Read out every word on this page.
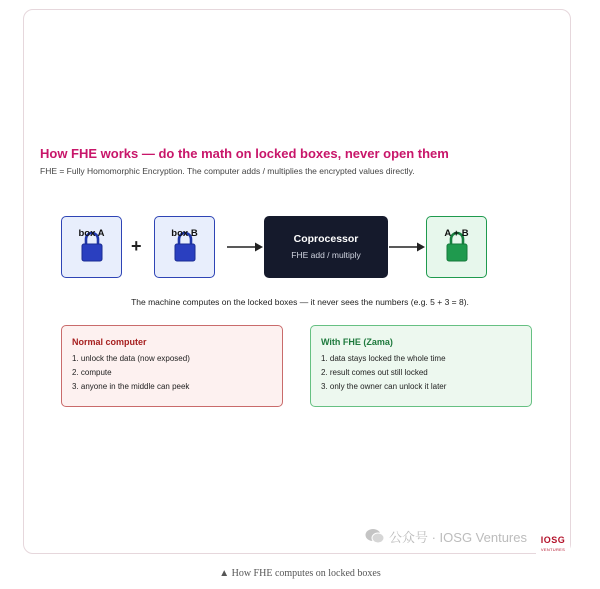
How FHE works — do the math on locked boxes, never open them
FHE = Fully Homomorphic Encryption. The computer adds / multiplies the encrypted values directly.
box A
+
box B	Coprocessor
FHE add / multiply
A + B
The machine computes on the locked boxes — it never sees the numbers (e.g. 5 + 3 = 8).
Normal computer
1. unlock the data (now exposed)
2. compute
3. anyone in the middle can peek
With FHE (Zama)
1. data stays locked the whole time
2. result comes out still locked
3. only the owner can unlock it later
公众号 · IOSG Ventures	IOSG
VENTURES
▲ How FHE computes on locked boxes
